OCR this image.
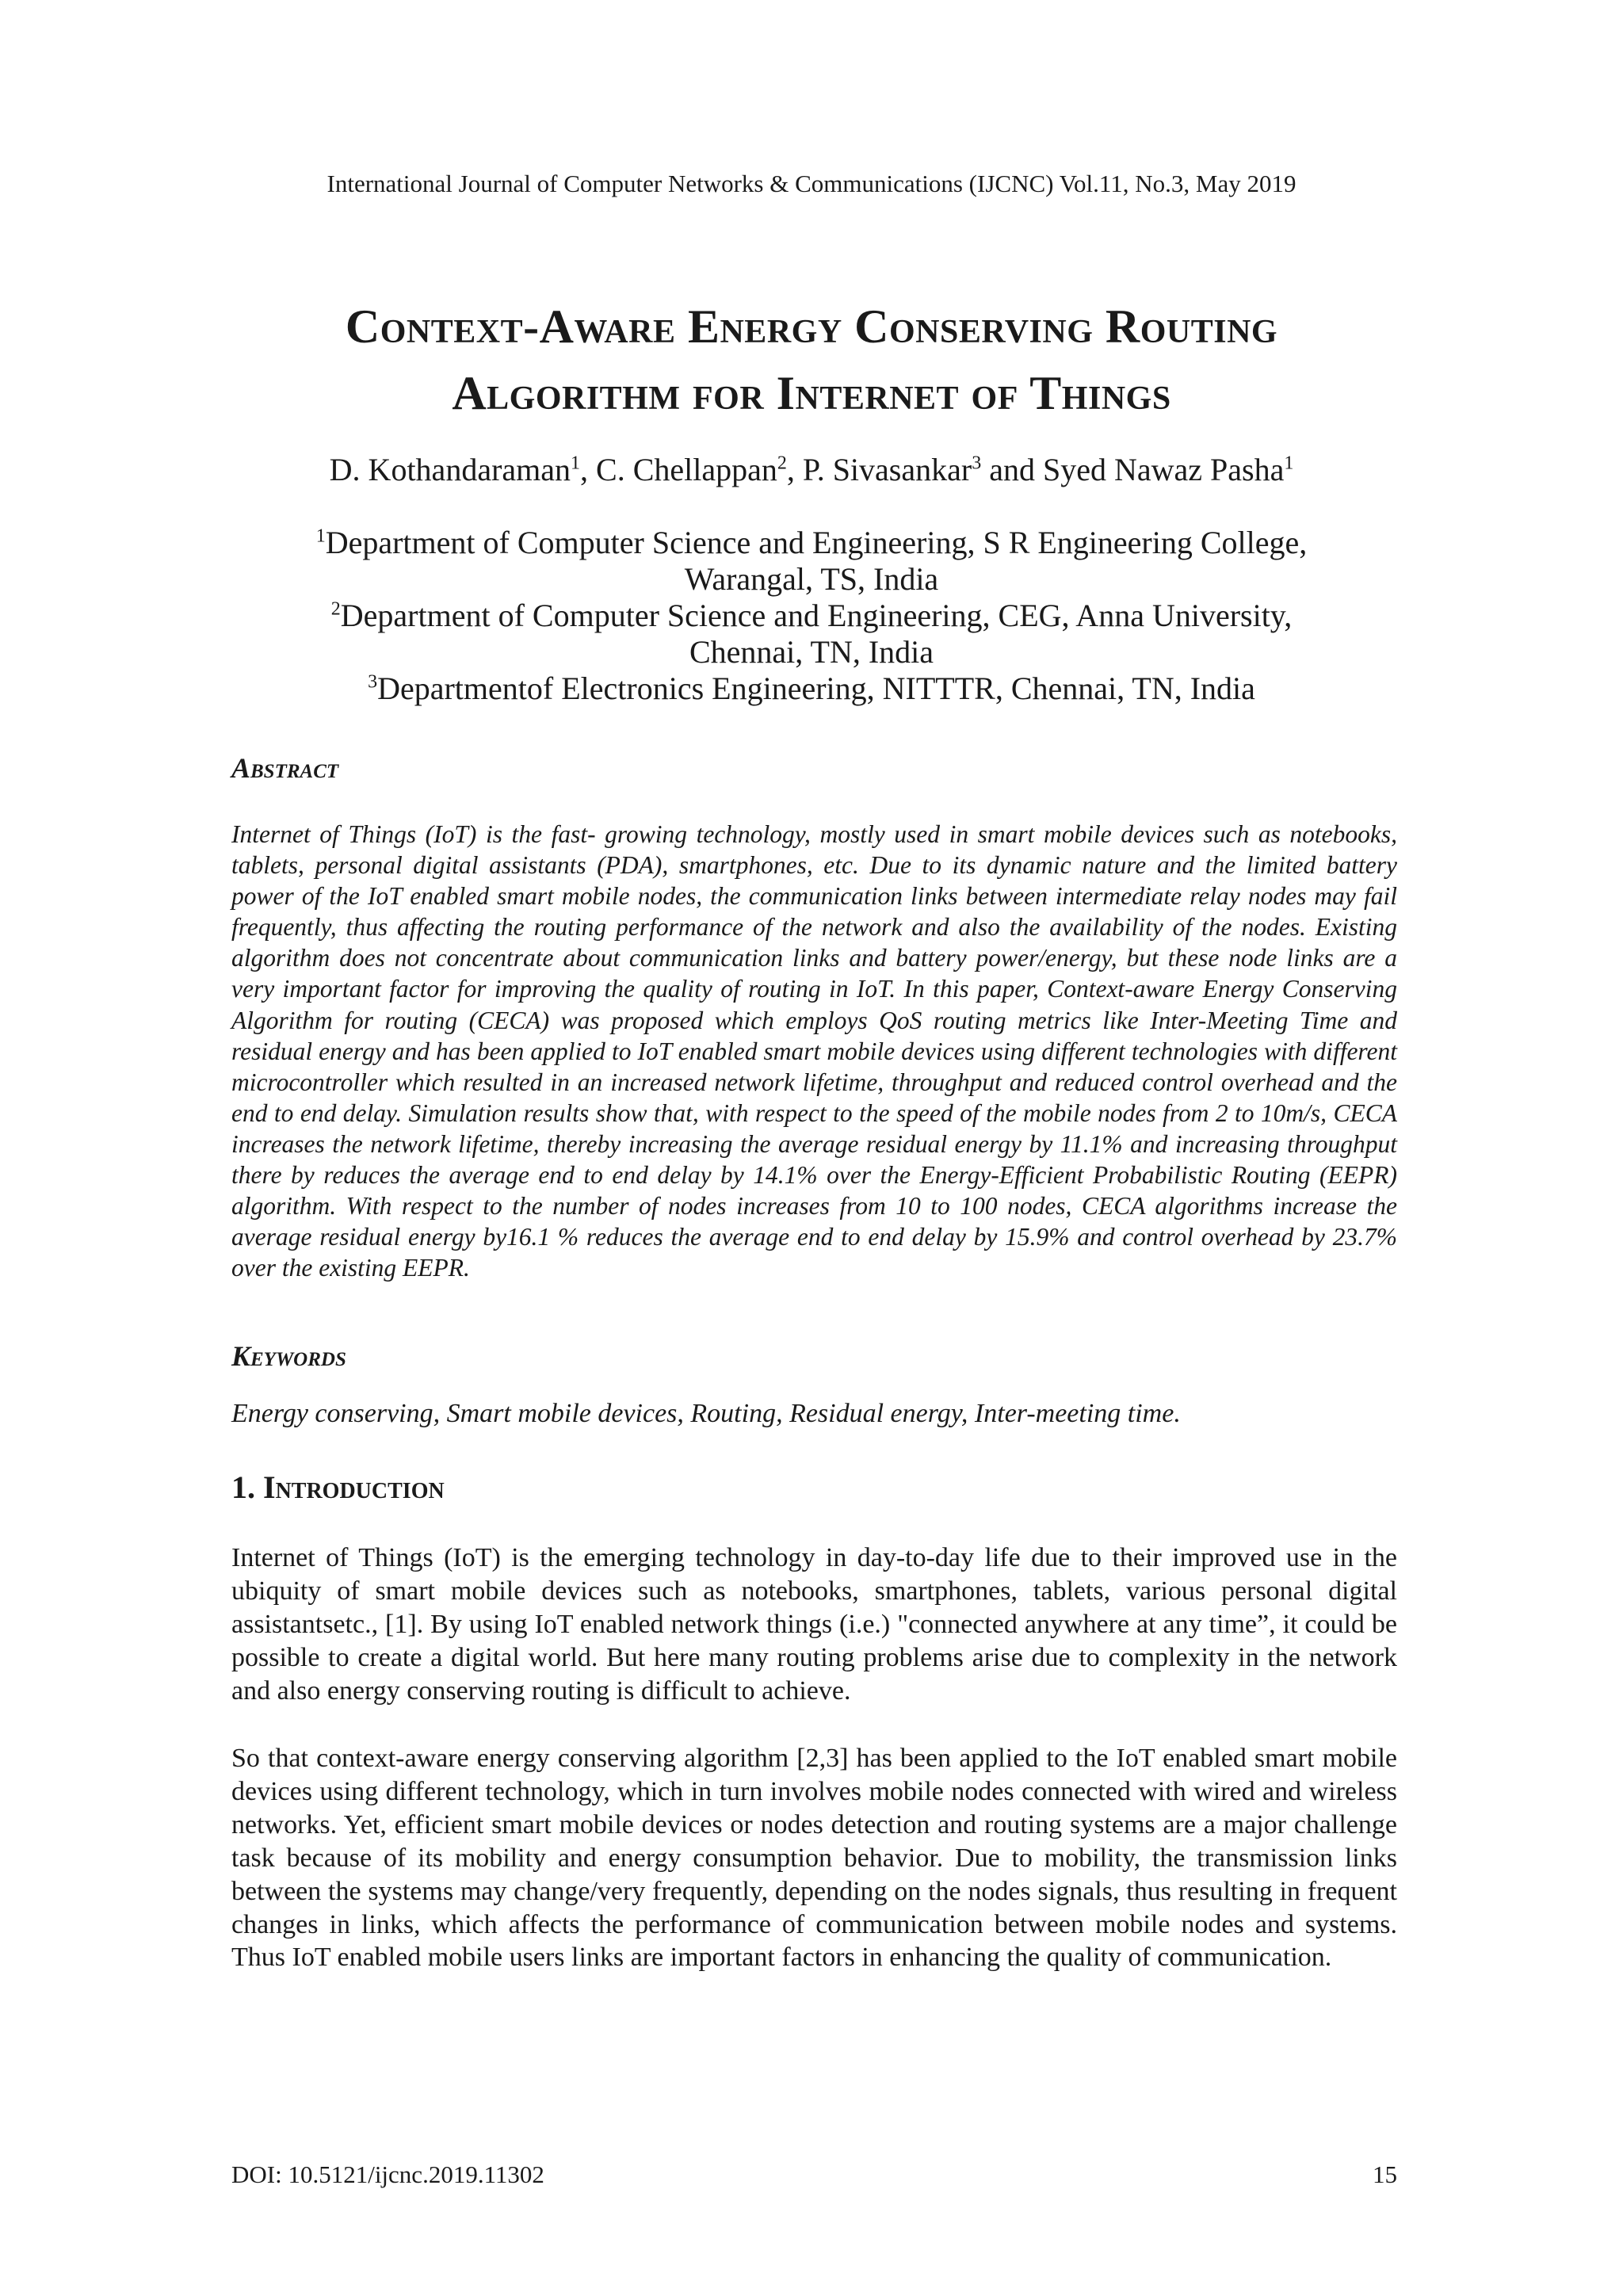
International Journal of Computer Networks & Communications (IJCNC) Vol.11, No.3, May 2019
Context-Aware Energy Conserving Routing
Algorithm for Internet of Things
D. Kothandaraman$^1$, C. Chellappan$^2$, P. Sivasankar$^3$ and Syed Nawaz Pasha$^1$
$^1$Department of Computer Science and Engineering, S R Engineering College,
Warangal, TS, India
$^2$Department of Computer Science and Engineering, CEG, Anna University,
Chennai, TN, India
$^3$Departmentof Electronics Engineering, NITTTR, Chennai, TN, India
Abstract

Internet of Things (IoT) is the fast- growing technology, mostly used in smart mobile devices such as notebooks, tablets, personal digital assistants (PDA), smartphones, etc. Due to its dynamic nature and the limited battery power of the IoT enabled smart mobile nodes, the communication links between intermediate relay nodes may fail frequently, thus affecting the routing performance of the network and also the availability of the nodes. Existing algorithm does not concentrate about communication links and battery power/energy, but these node links are a very important factor for improving the quality of routing in IoT. In this paper, Context-aware Energy Conserving Algorithm for routing (CECA) was proposed which employs QoS routing metrics like Inter-Meeting Time and residual energy and has been applied to IoT enabled smart mobile devices using different technologies with different microcontroller which resulted in an increased network lifetime, throughput and reduced control overhead and the end to end delay. Simulation results show that, with respect to the speed of the mobile nodes from 2 to 10m/s, CECA increases the network lifetime, thereby increasing the average residual energy by 11.1% and increasing throughput there by reduces the average end to end delay by 14.1% over the Energy-Efficient Probabilistic Routing (EEPR) algorithm. With respect to the number of nodes increases from 10 to 100 nodes, CECA algorithms increase the average residual energy by16.1 % reduces the average end to end delay by 15.9% and control overhead by 23.7% over the existing EEPR.

Keywords

Energy conserving, Smart mobile devices, Routing, Residual energy, Inter-meeting time.

1. Introduction

Internet of Things (IoT) is the emerging technology in day-to-day life due to their improved use in the ubiquity of smart mobile devices such as notebooks, smartphones, tablets, various personal digital assistantsetc., [1]. By using IoT enabled network things (i.e.) "connected anywhere at any time”, it could be possible to create a digital world. But here many routing problems arise due to complexity in the network and also energy conserving routing is difficult to achieve.

So that context-aware energy conserving algorithm [2,3] has been applied to the IoT enabled smart mobile devices using different technology, which in turn involves mobile nodes connected with wired and wireless networks. Yet, efficient smart mobile devices or nodes detection and routing systems are a major challenge task because of its mobility and energy consumption behavior. Due to mobility, the transmission links between the systems may change/very frequently, depending on the nodes signals, thus resulting in frequent changes in links, which affects the performance of communication between mobile nodes and systems. Thus IoT enabled mobile users links are important factors in enhancing the quality of communication.

DOI: 10.5121/ijcnc.2019.11302	15
